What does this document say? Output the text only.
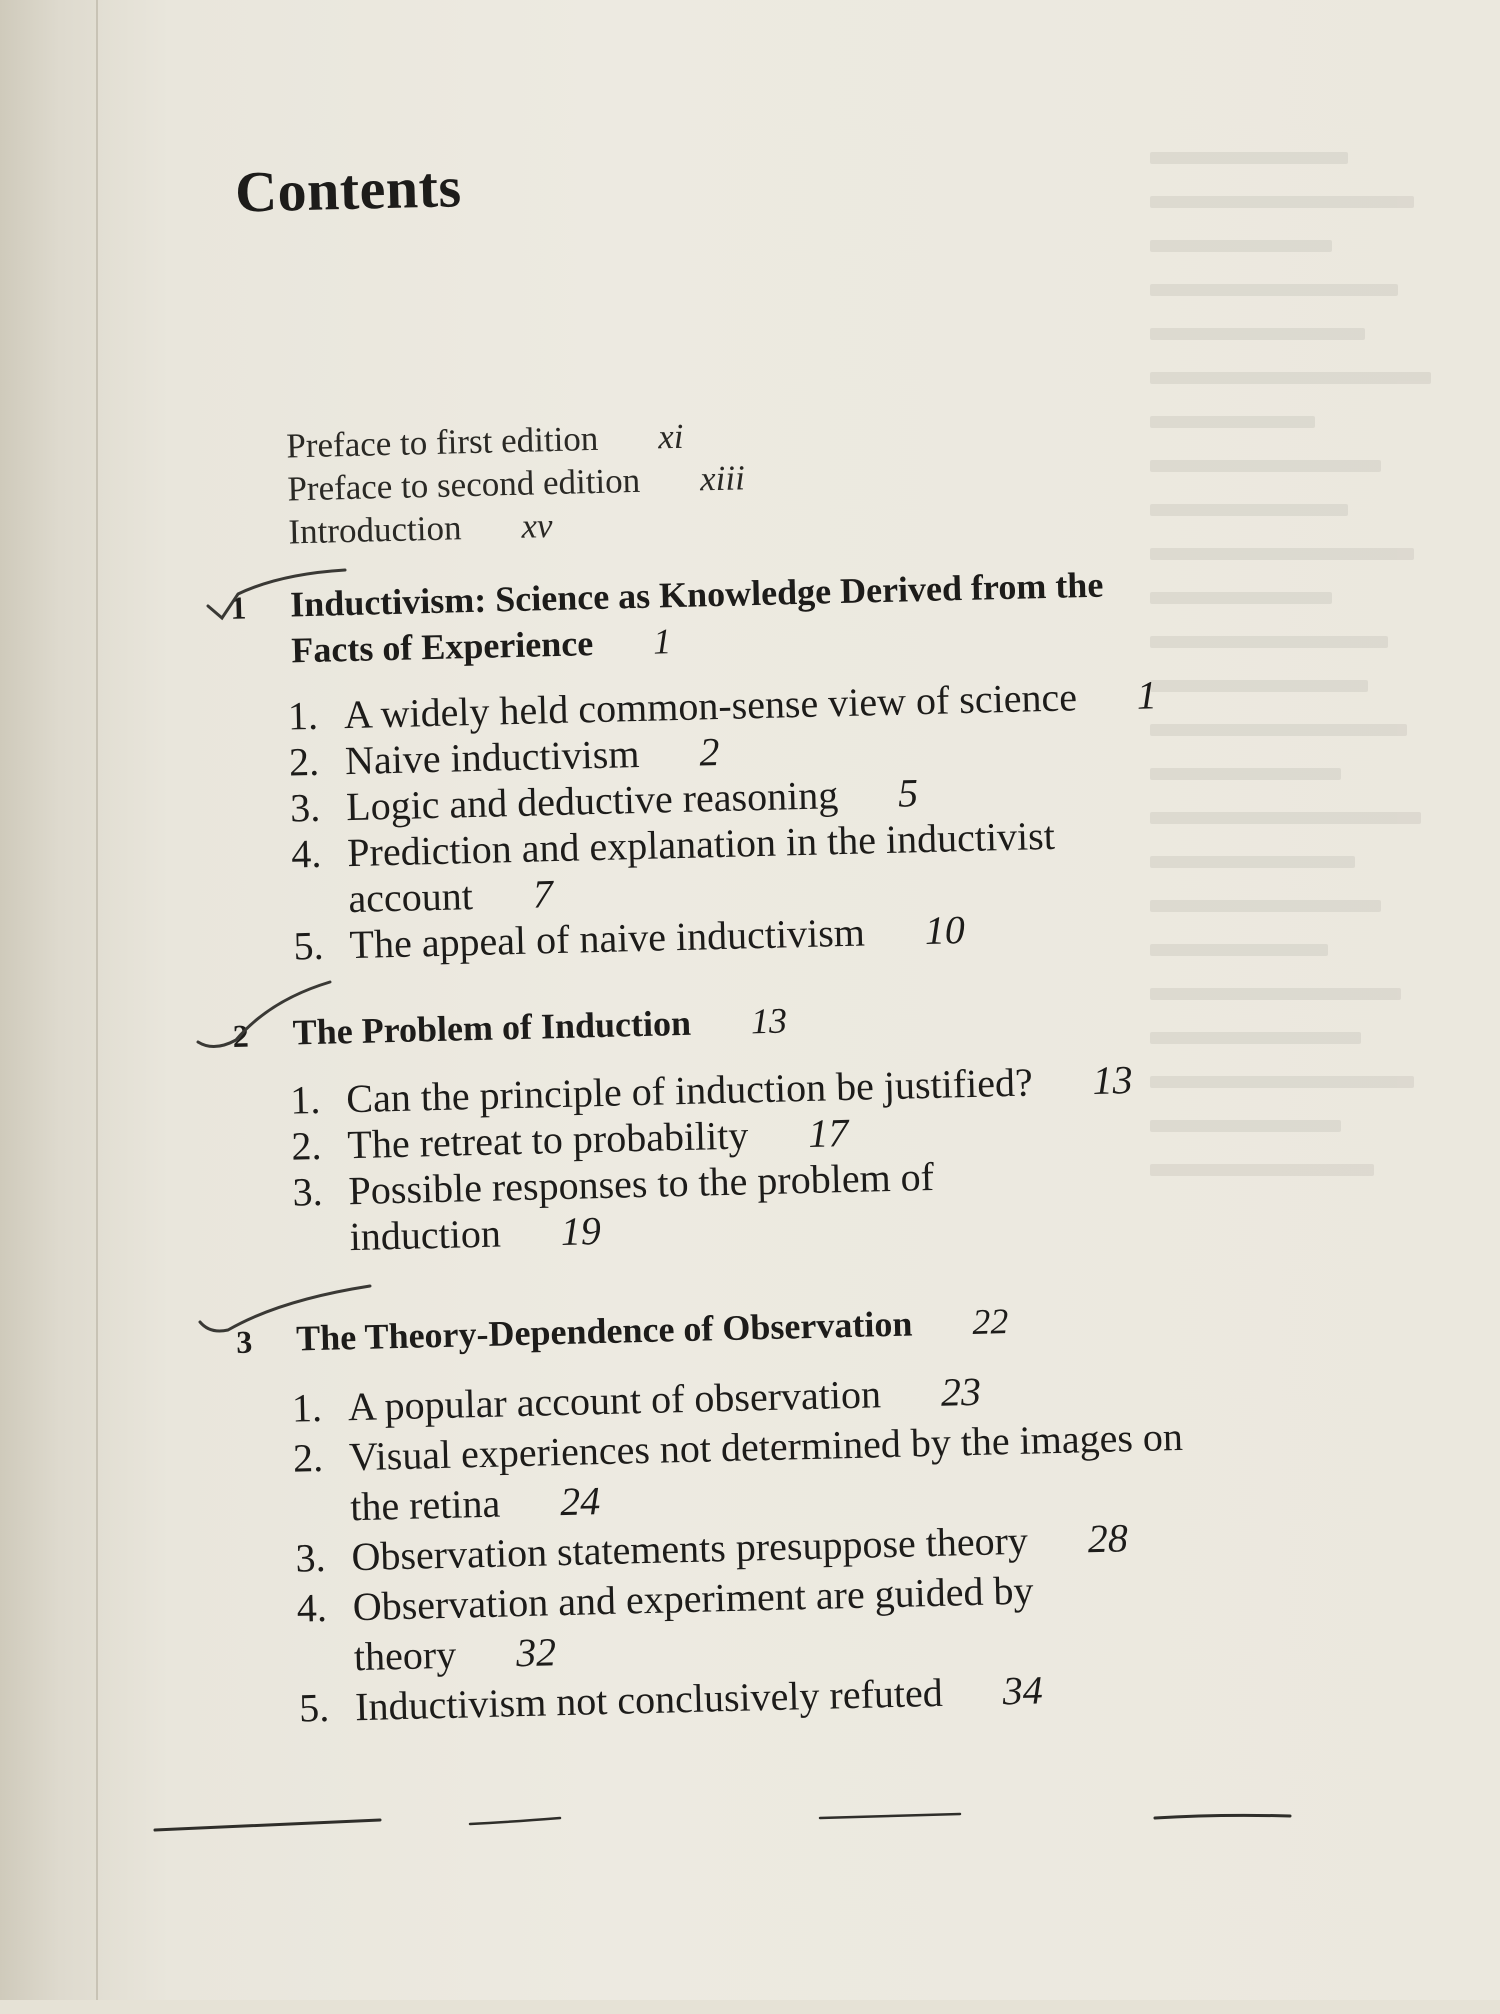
Contents
Preface to first edition xi
Preface to second edition xiii
Introduction xv
1 Inductivism: Science as Knowledge Derived from the
Facts of Experience 1
1. A widely held common-sense view of science 1
2. Naive inductivism 2
3. Logic and deductive reasoning 5
4. Prediction and explanation in the inductivist
account 7
5. The appeal of naive inductivism 10
2 The Problem of Induction 13
1. Can the principle of induction be justified? 13
2. The retreat to probability 17
3. Possible responses to the problem of
induction 19
3 The Theory-Dependence of Observation 22
1. A popular account of observation 23
2. Visual experiences not determined by the images on
the retina 24
3. Observation statements presuppose theory 28
4. Observation and experiment are guided by
theory 32
5. Inductivism not conclusively refuted 34
